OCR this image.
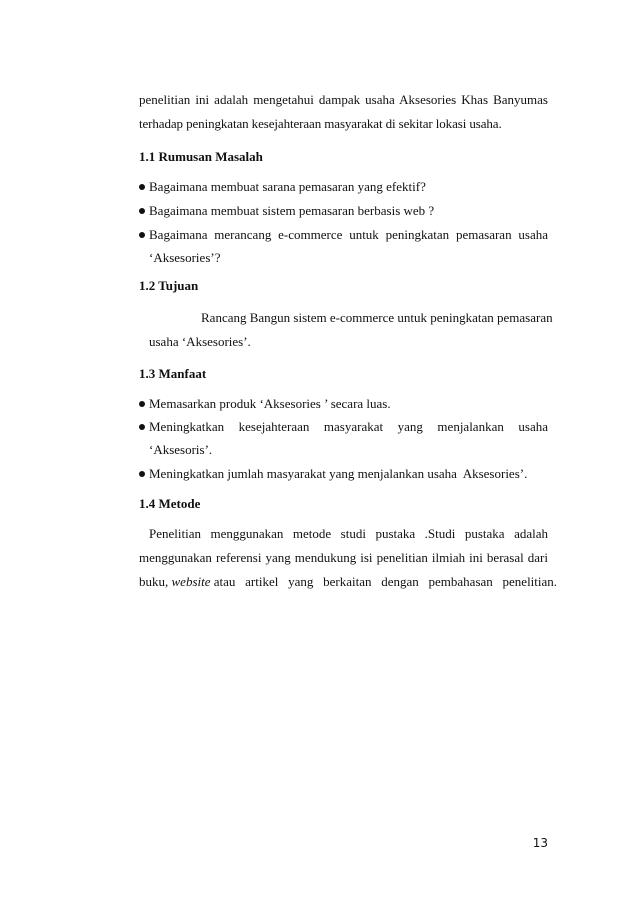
penelitian ini adalah mengetahui dampak usaha Aksesories Khas Banyumas
terhadap peningkatan kesejahteraan masyarakat di sekitar lokasi usaha.
1.1 Rumusan Masalah
Bagaimana membuat sarana pemasaran yang efektif?
Bagaimana membuat sistem pemasaran berbasis web ?
Bagaimana merancang e-commerce untuk peningkatan pemasaran usaha
‘Aksesories’?
1.2 Tujuan
Rancang Bangun sistem e-commerce untuk peningkatan pemasaran
usaha ‘Aksesories’.
1.3 Manfaat
Memasarkan produk ‘Aksesories ’ secara luas.
Meningkatkan   kesejahteraan   masyarakat   yang   menjalankan   usaha
‘Aksesoris’.
Meningkatkan jumlah masyarakat yang menjalankan usaha  Aksesories’.
1.4 Metode
Penelitian menggunakan metode studi pustaka .Studi pustaka adalah
menggunakan referensi yang mendukung isi penelitian ilmiah ini berasal dari
buku, website atau   artikel   yang   berkaitan   dengan   pembahasan   penelitian.
13
